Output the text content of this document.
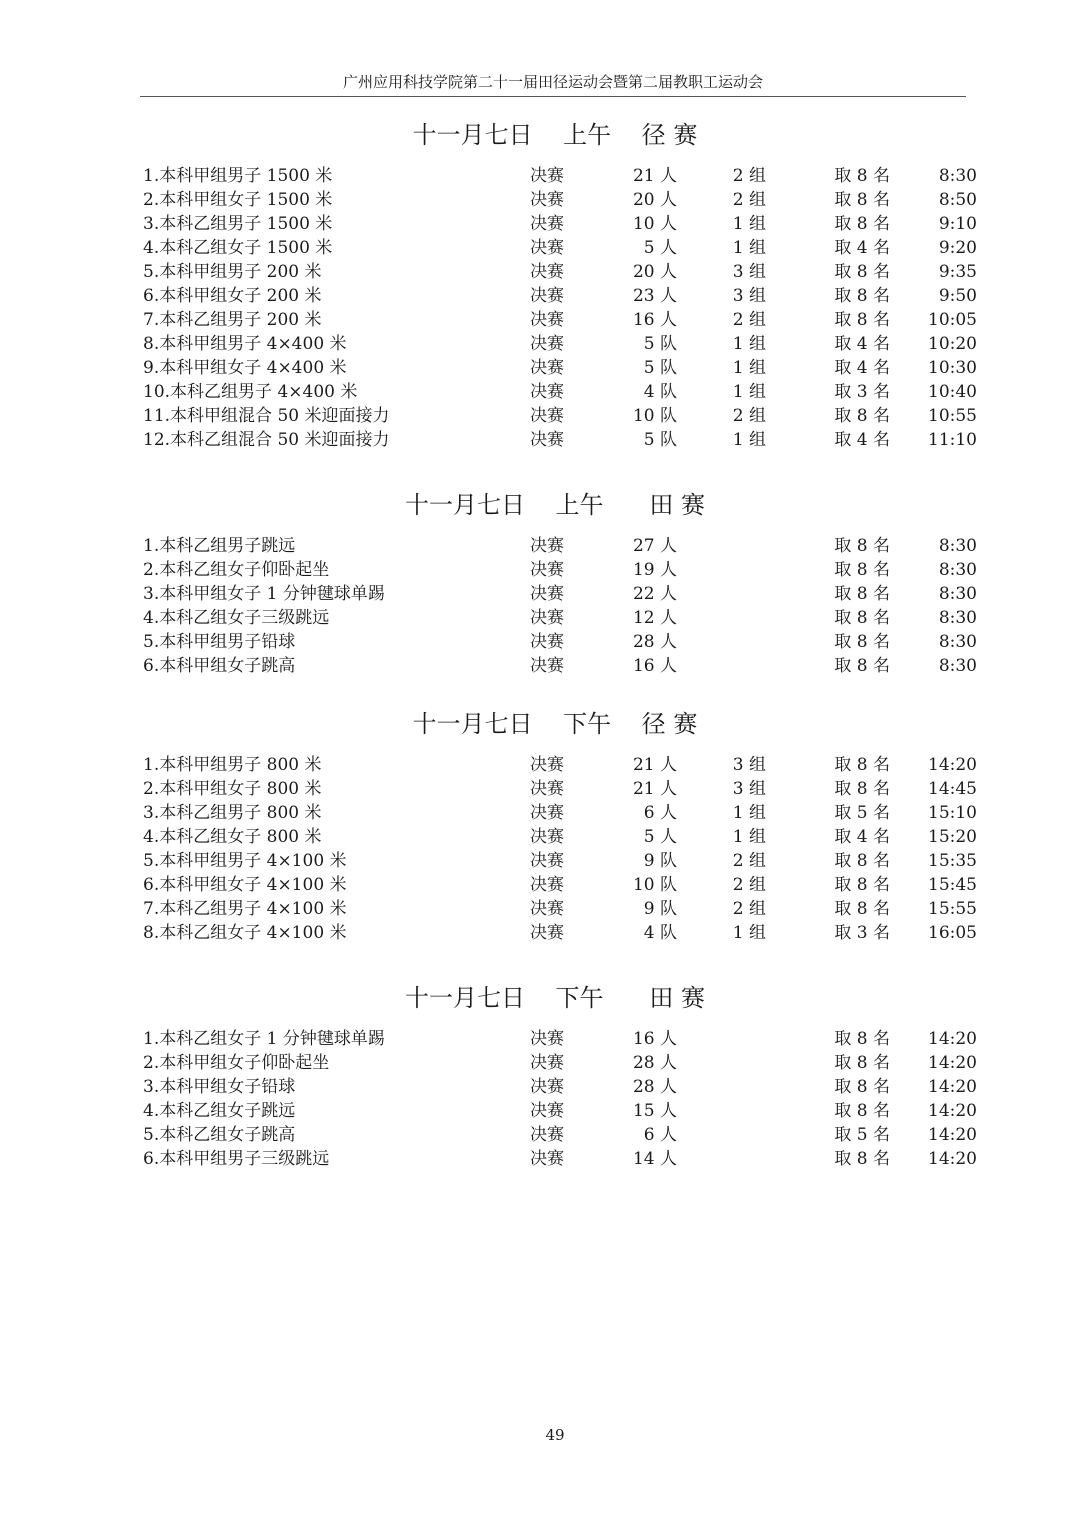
广州应用科技学院第二十一届田径运动会暨第二届教职工运动会
十一月七日    上午    径 赛
1.本科甲组男子 1500 米	决赛	21 人	2 组	取 8 名	8:30
2.本科甲组女子 1500 米	决赛	20 人	2 组	取 8 名	8:50
3.本科乙组男子 1500 米	决赛	10 人	1 组	取 8 名	9:10
4.本科乙组女子 1500 米	决赛	5 人	1 组	取 4 名	9:20
5.本科甲组男子 200 米	决赛	20 人	3 组	取 8 名	9:35
6.本科甲组女子 200 米	决赛	23 人	3 组	取 8 名	9:50
7.本科乙组男子 200 米	决赛	16 人	2 组	取 8 名	10:05
8.本科甲组男子 4×400 米	决赛	5 队	1 组	取 4 名	10:20
9.本科甲组女子 4×400 米	决赛	5 队	1 组	取 4 名	10:30
10.本科乙组男子 4×400 米	决赛	4 队	1 组	取 3 名	10:40
11.本科甲组混合 50 米迎面接力	决赛	10 队	2 组	取 8 名	10:55
12.本科乙组混合 50 米迎面接力	决赛	5 队	1 组	取 4 名	11:10
十一月七日    上午      田 赛
1.本科乙组男子跳远	决赛	27 人	取 8 名	8:30
2.本科乙组女子仰卧起坐	决赛	19 人	取 8 名	8:30
3.本科甲组女子 1 分钟毽球单踢	决赛	22 人	取 8 名	8:30
4.本科乙组女子三级跳远	决赛	12 人	取 8 名	8:30
5.本科甲组男子铅球	决赛	28 人	取 8 名	8:30
6.本科甲组女子跳高	决赛	16 人	取 8 名	8:30
十一月七日    下午    径 赛
1.本科甲组男子 800 米	决赛	21 人	3 组	取 8 名	14:20
2.本科甲组女子 800 米	决赛	21 人	3 组	取 8 名	14:45
3.本科乙组男子 800 米	决赛	6 人	1 组	取 5 名	15:10
4.本科乙组女子 800 米	决赛	5 人	1 组	取 4 名	15:20
5.本科甲组男子 4×100 米	决赛	9 队	2 组	取 8 名	15:35
6.本科甲组女子 4×100 米	决赛	10 队	2 组	取 8 名	15:45
7.本科乙组男子 4×100 米	决赛	9 队	2 组	取 8 名	15:55
8.本科乙组女子 4×100 米	决赛	4 队	1 组	取 3 名	16:05
十一月七日    下午      田 赛
1.本科乙组女子 1 分钟毽球单踢	决赛	16 人	取 8 名	14:20
2.本科甲组女子仰卧起坐	决赛	28 人	取 8 名	14:20
3.本科甲组女子铅球	决赛	28 人	取 8 名	14:20
4.本科乙组女子跳远	决赛	15 人	取 8 名	14:20
5.本科乙组女子跳高	决赛	6 人	取 5 名	14:20
6.本科甲组男子三级跳远	决赛	14 人	取 8 名	14:20
49
